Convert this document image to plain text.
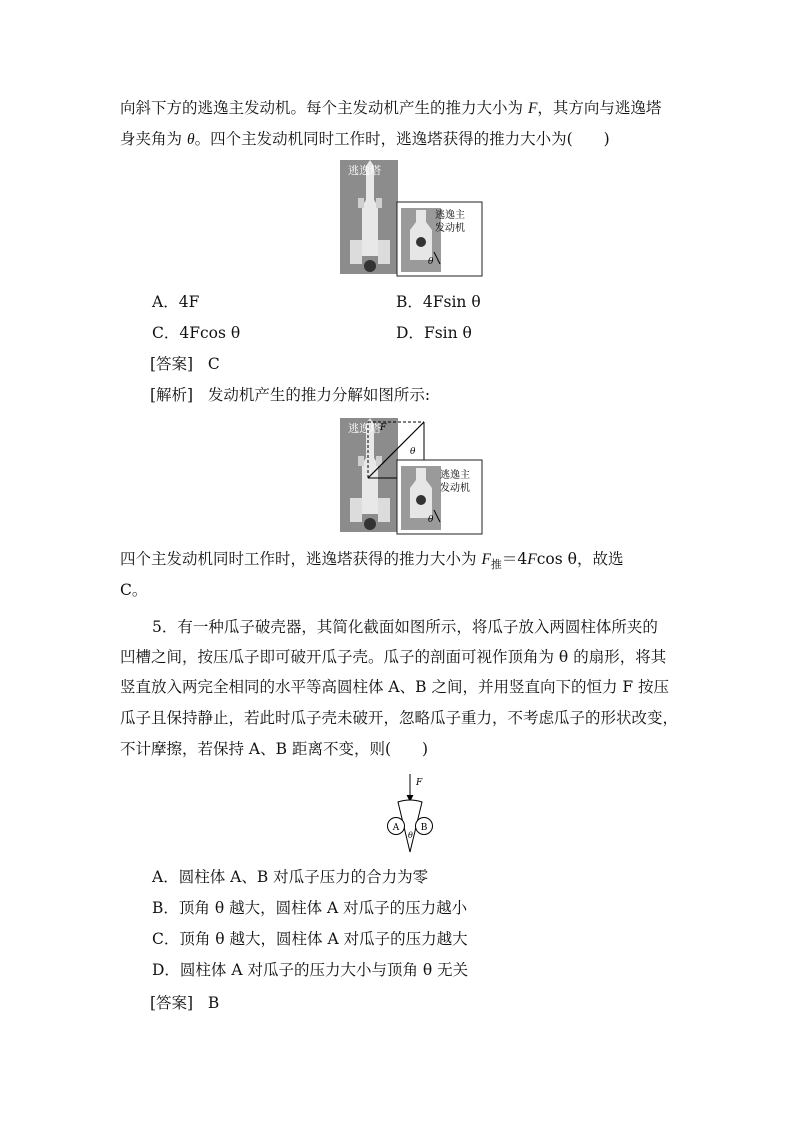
向斜下方的逃逸主发动机。每个主发动机产生的推力大小为 F，其方向与逃逸塔
身夹角为 θ。四个主发动机同时工作时，逃逸塔获得的推力大小为(　　)
逃逸塔
逃逸主
发动机
θ
A．4F	B．4Fsin θ
C．4Fcos θ	D．Fsin θ
[答案] C
[解析] 发动机产生的推力分解如图所示:
逃逸塔 F
θ
逃逸主
发动机
θ
四个主发动机同时工作时，逃逸塔获得的推力大小为 $F_推=4Fcos$ θ，故选
C。
5．有一种瓜子破壳器，其简化截面如图所示，将瓜子放入两圆柱体所夹的
凹槽之间，按压瓜子即可破开瓜子壳。瓜子的剖面可视作顶角为 θ 的扇形，将其
竖直放入两完全相同的水平等高圆柱体 A、B 之间，并用竖直向下的恒力 F 按压
瓜子且保持静止，若此时瓜子壳未破开，忽略瓜子重力，不考虑瓜子的形状改变，
不计摩擦，若保持 A、B 距离不变，则(　　)
F
A B
θ
A．圆柱体 A、B 对瓜子压力的合力为零
B．顶角 θ 越大，圆柱体 A 对瓜子的压力越小
C．顶角 θ 越大，圆柱体 A 对瓜子的压力越大
D．圆柱体 A 对瓜子的压力大小与顶角 θ 无关
[答案] B
